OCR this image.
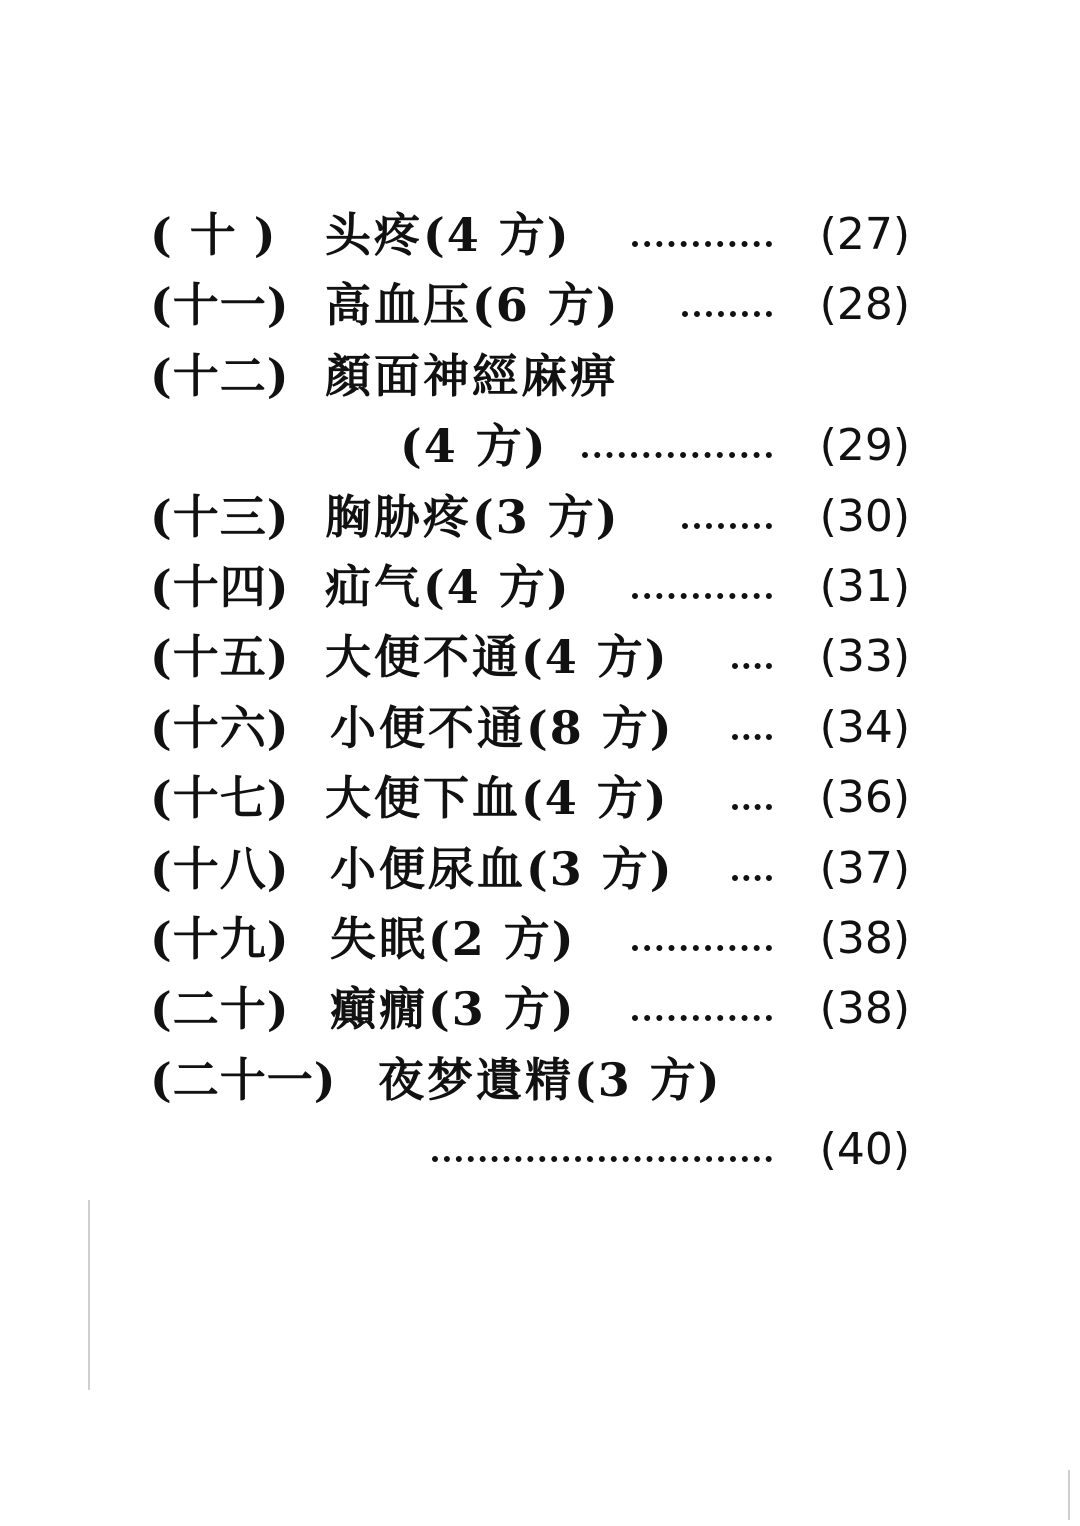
( 十 ) 头疼(4 方)	(27)
(十一) 高血压(6 方)	(28)
(十二) 顏面神經麻痹
(4 方)	(29)
(十三) 胸胁疼(3 方)	(30)
(十四) 疝气(4 方)	(31)
(十五) 大便不通(4 方)	(33)
(十六) 小便不通(8 方)	(34)
(十七) 大便下血(4 方)	(36)
(十八) 小便尿血(3 方)	(37)
(十九) 失眠(2 方)	(38)
(二十) 癲癇(3 方)	(38)
(二十一) 夜梦遺精(3 方)
(40)
